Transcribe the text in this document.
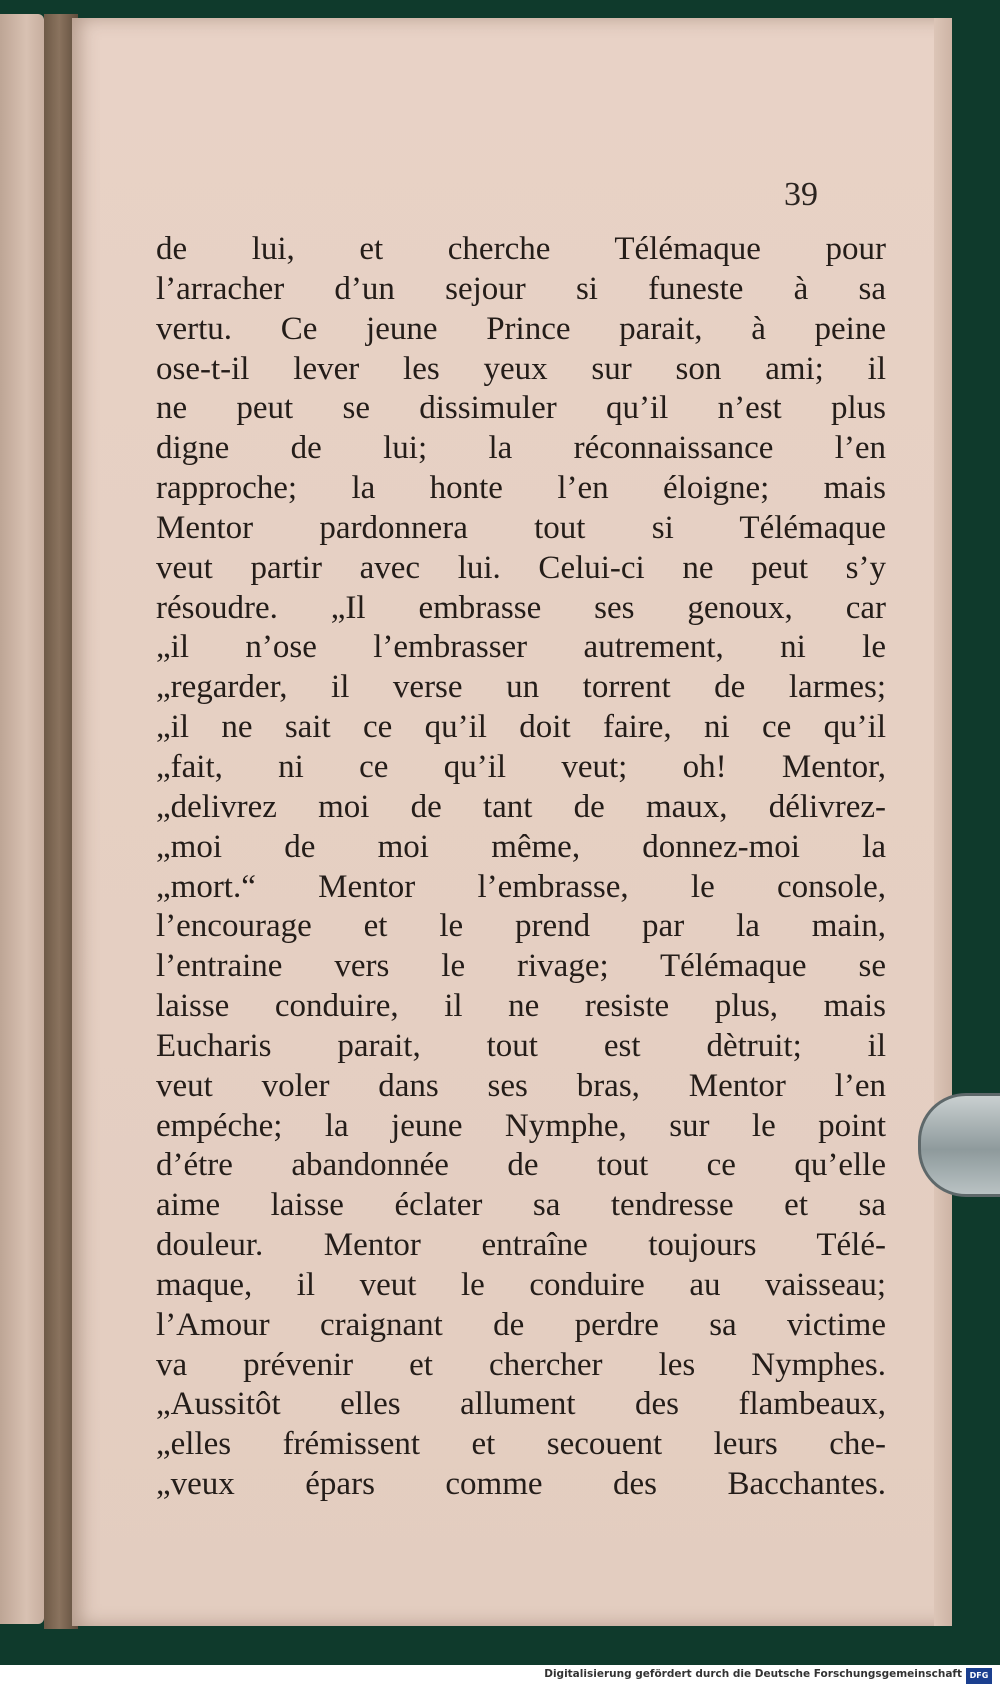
39

de lui, et cherche Télémaque pour
l’arracher d’un sejour si funeste à sa
vertu. Ce jeune Prince parait, à peine
ose-t-il lever les yeux sur son ami; il
ne peut se dissimuler qu’il n’est plus
digne de lui; la réconnaissance l’en
rapproche; la honte l’en éloigne; mais
Mentor pardonnera tout si Télémaque
veut partir avec lui. Celui-ci ne peut s’y
résoudre. „Il embrasse ses genoux, car
„il n’ose l’embrasser autrement, ni le
„regarder, il verse un torrent de larmes;
„il ne sait ce qu’il doit faire, ni ce qu’il
„fait, ni ce qu’il veut; oh! Mentor,
„delivrez moi de tant de maux, délivrez-
„moi de moi même, donnez-moi la
„mort.“ Mentor l’embrasse, le console,
l’encourage et le prend par la main,
l’entraine vers le rivage; Télémaque se
laisse conduire, il ne resiste plus, mais
Eucharis parait, tout est dètruit; il
veut voler dans ses bras, Mentor l’en
empéche; la jeune Nymphe, sur le point
d’étre abandonnée de tout ce qu’elle
aime laisse éclater sa tendresse et sa
douleur. Mentor entraîne toujours Télé-
maque, il veut le conduire au vaisseau;
l’Amour craignant de perdre sa victime
va prévenir et chercher les Nymphes.
„Aussitôt elles allument des flambeaux,
„elles frémissent et secouent leurs che-
„veux épars comme des Bacchantes.

Digitalisierung gefördert durch die Deutsche Forschungsgemeinschaft DFG
